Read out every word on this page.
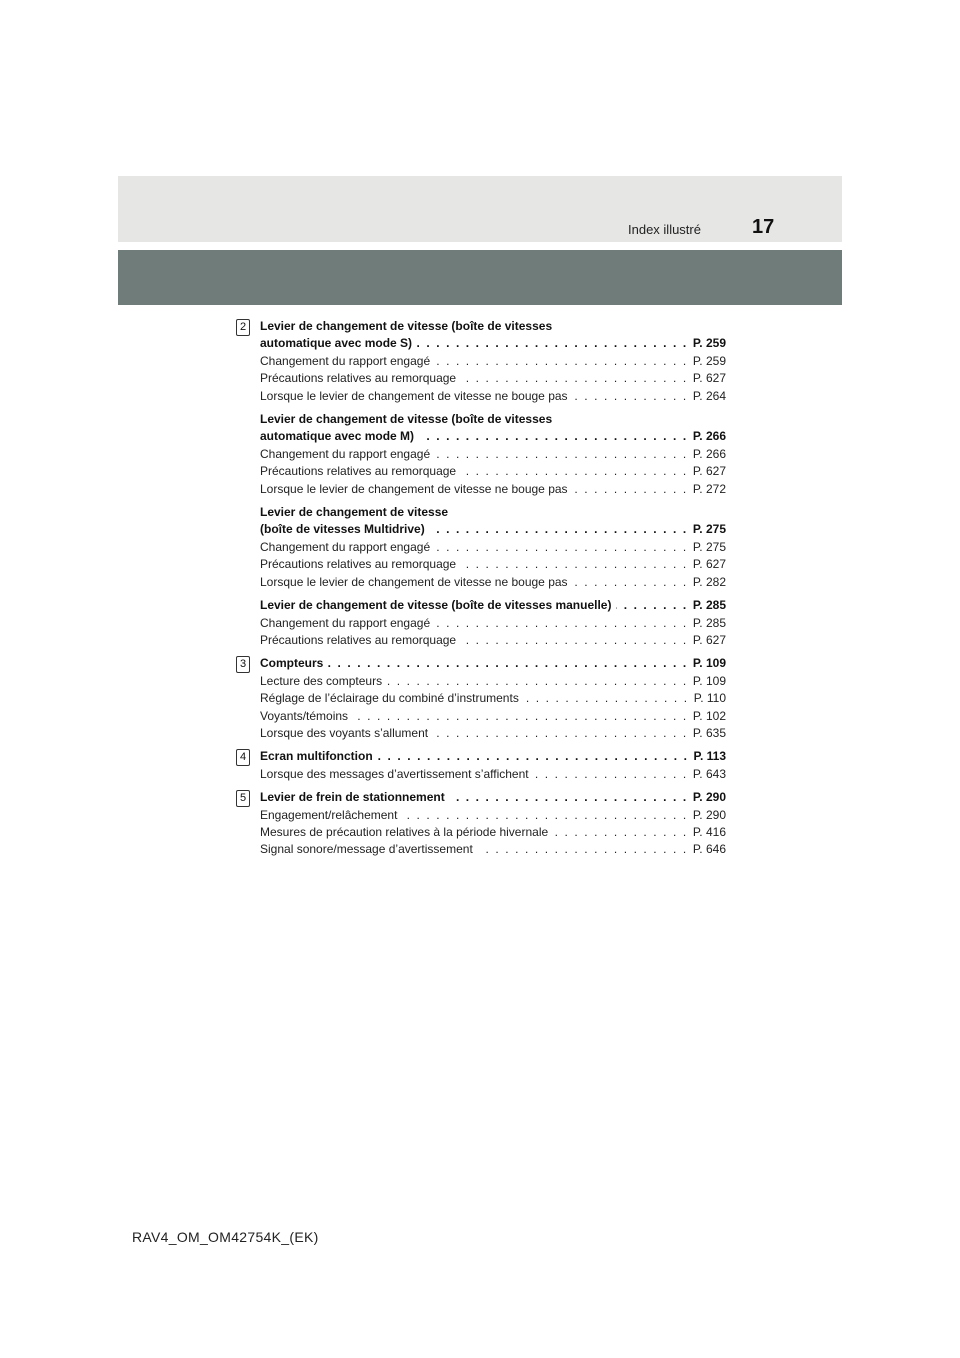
Index illustré	17
2	Levier de changement de vitesse (boîte de vitesses
automatique avec mode S) . . .	P. 259
Changement du rapport engagé . . .	P. 259
Précautions relatives au remorquage . . .	P. 627
Lorsque le levier de changement de vitesse ne bouge pas . . .	P. 264
Levier de changement de vitesse (boîte de vitesses
automatique avec mode M) . . .	P. 266
Changement du rapport engagé . . .	P. 266
Précautions relatives au remorquage . . .	P. 627
Lorsque le levier de changement de vitesse ne bouge pas . . .	P. 272
Levier de changement de vitesse
(boîte de vitesses Multidrive) . . .	P. 275
Changement du rapport engagé . . .	P. 275
Précautions relatives au remorquage . . .	P. 627
Lorsque le levier de changement de vitesse ne bouge pas . . .	P. 282
Levier de changement de vitesse (boîte de vitesses manuelle) . . .	P. 285
Changement du rapport engagé . . .	P. 285
Précautions relatives au remorquage . . .	P. 627
3	Compteurs . . .	P. 109
Lecture des compteurs . . .	P. 109
Réglage de l’éclairage du combiné d’instruments . . .	P. 110
Voyants/témoins . . .	P. 102
Lorsque des voyants s’allument . . .	P. 635
4	Ecran multifonction . . .	P. 113
Lorsque des messages d’avertissement s’affichent . . .	P. 643
5	Levier de frein de stationnement . . .	P. 290
Engagement/relâchement . . .	P. 290
Mesures de précaution relatives à la période hivernale . . .	P. 416
Signal sonore/message d’avertissement . . .	P. 646
RAV4_OM_OM42754K_(EK)
